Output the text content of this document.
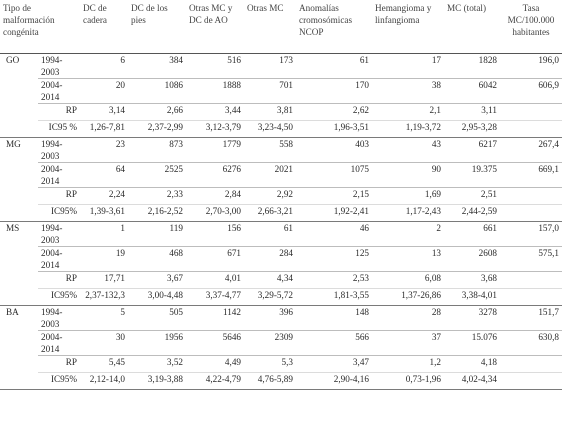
Tipo de malformación congénita		DC de cadera	DC de los pies	Otras MC y DC de AO	Otras MC	Anomalías cromosómicas NCOP	Hemangioma y linfangioma	MC (total)	Tasa MC/100.000 habitantes
GO	1994-2003	6	384	516	173	61	17	1828	196,0
	2004-2014	20	1086	1888	701	170	38	6042	606,9
	RP	3,14	2,66	3,44	3,81	2,62	2,1	3,11	
	IC95 %	1,26-7,81	2,37-2,99	3,12-3,79	3,23-4,50	1,96-3,51	1,19-3,72	2,95-3,28	
MG	1994-2003	23	873	1779	558	403	43	6217	267,4
	2004-2014	64	2525	6276	2021	1075	90	19.375	669,1
	RP	2,24	2,33	2,84	2,92	2,15	1,69	2,51	
	IC95%	1,39-3,61	2,16-2,52	2,70-3,00	2,66-3,21	1,92-2,41	1,17-2,43	2,44-2,59	
MS	1994-2003	1	119	156	61	46	2	661	157,0
	2004-2014	19	468	671	284	125	13	2608	575,1
	RP	17,71	3,67	4,01	4,34	2,53	6,08	3,68	
	IC95%	2,37-132,3	3,00-4,48	3,37-4,77	3,29-5,72	1,81-3,55	1,37-26,86	3,38-4,01	
BA	1994-2003	5	505	1142	396	148	28	3278	151,7
	2004-2014	30	1956	5646	2309	566	37	15.076	630,8
	RP	5,45	3,52	4,49	5,3	3,47	1,2	4,18	
	IC95%	2,12-14,0	3,19-3,88	4,22-4,79	4,76-5,89	2,90-4,16	0,73-1,96	4,02-4,34	
